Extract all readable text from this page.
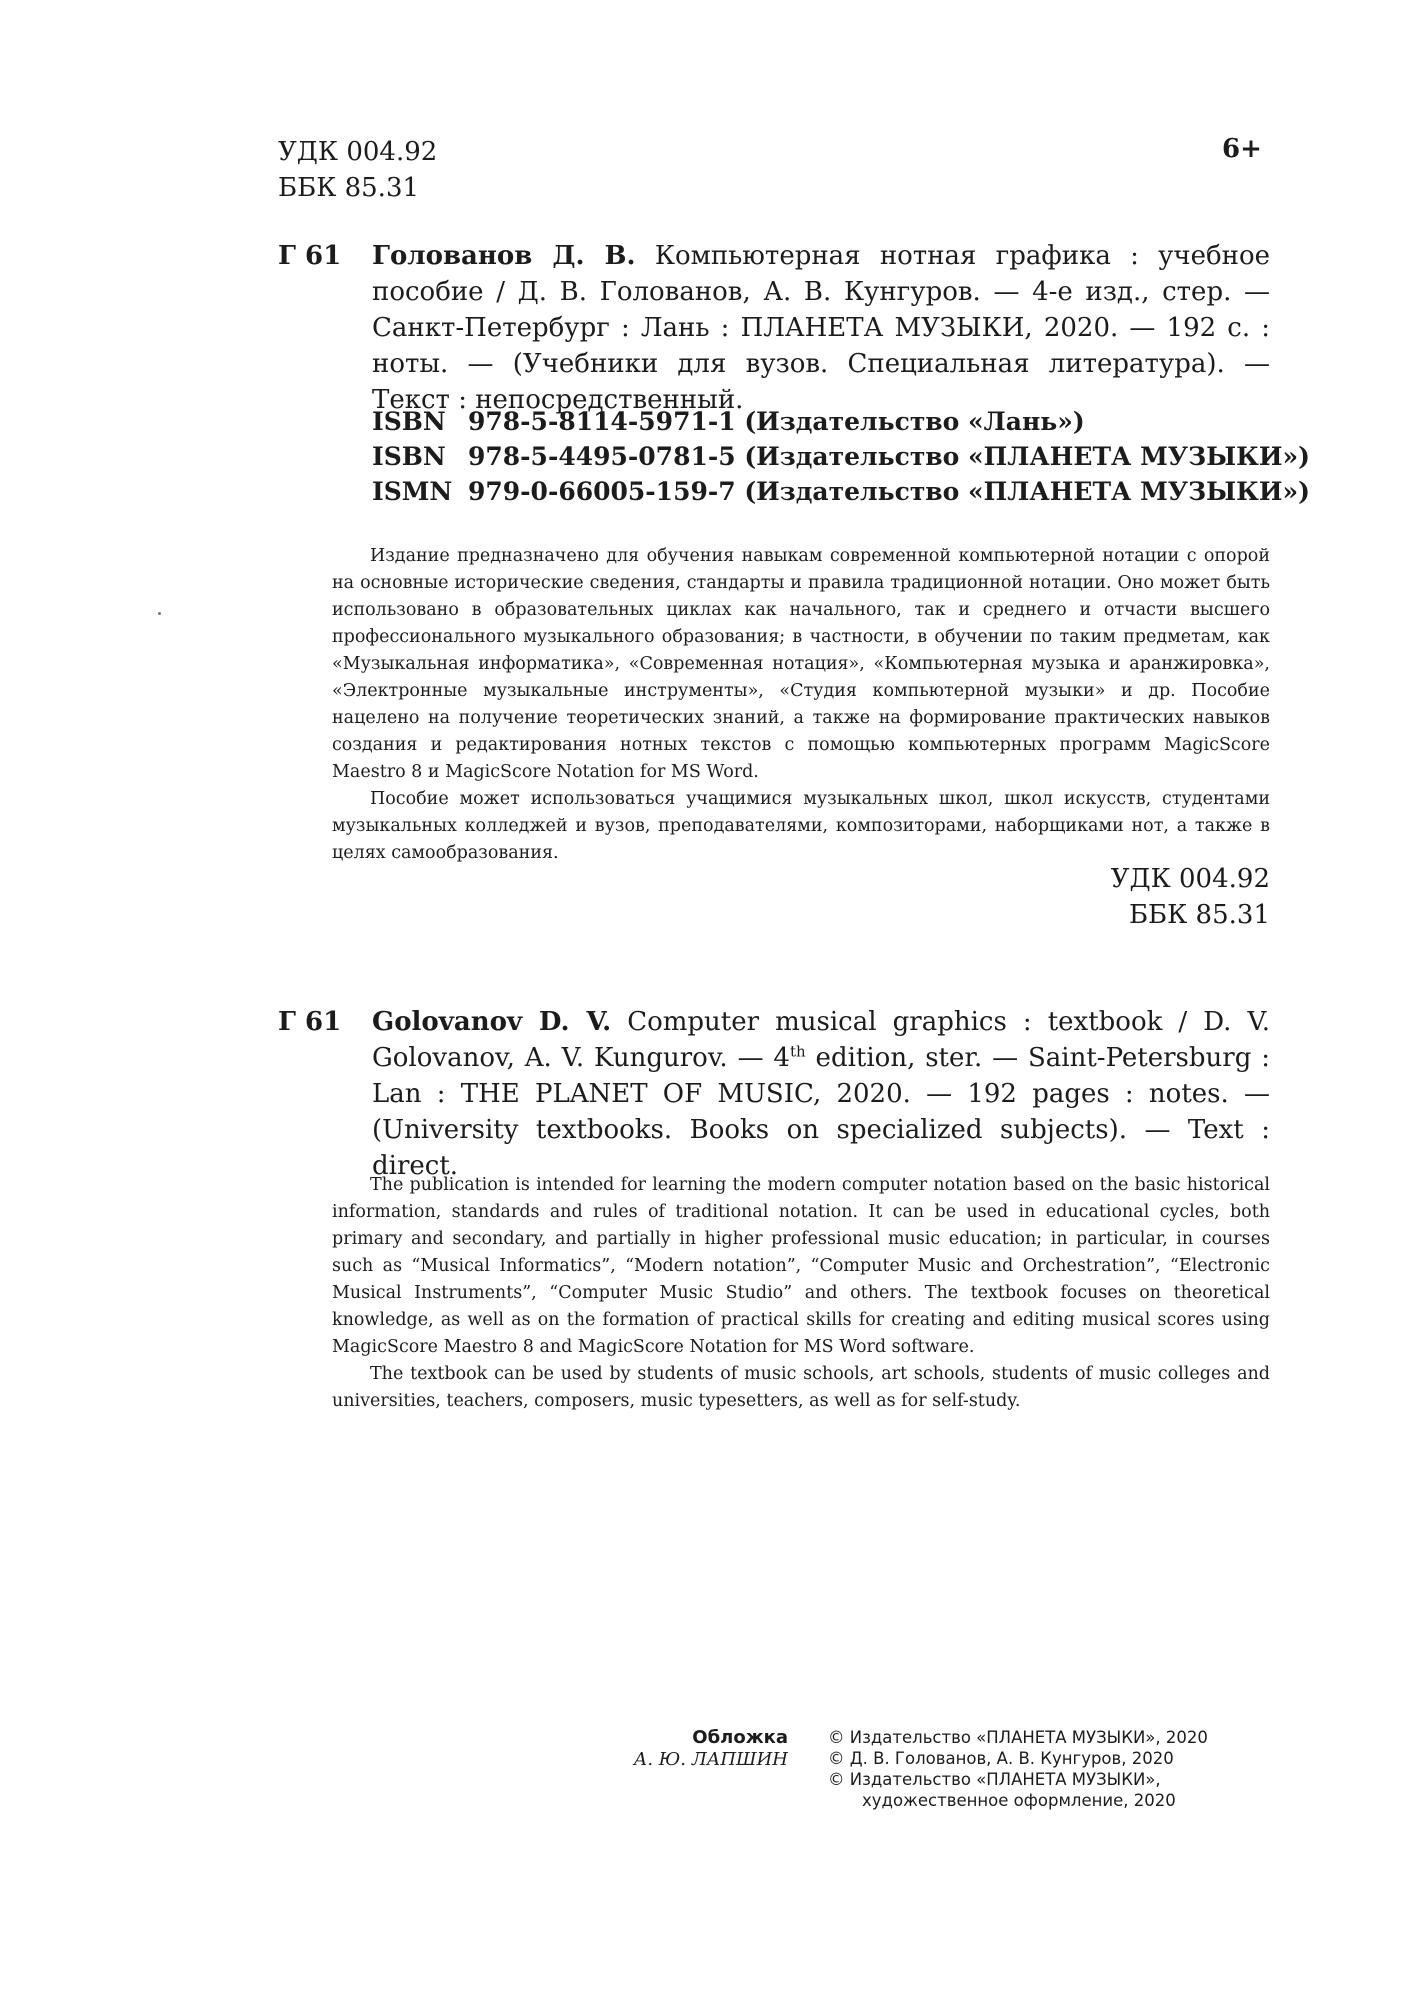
УДК 004.92
ББК 85.31
6+
Г 61 Голованов Д. В. Компьютерная нотная графика : учебное пособие / Д. В. Голованов, А. В. Кунгуров. — 4-е изд., стер. — Санкт-Петербург : Лань : ПЛАНЕТА МУЗЫКИ, 2020. — 192 с. : ноты. — (Учебники для вузов. Специальная литература). — Текст : непосредственный.
ISBN 978-5-8114-5971-1 (Издательство «Лань»)
ISBN 978-5-4495-0781-5 (Издательство «ПЛАНЕТА МУЗЫКИ»)
ISMN 979-0-66005-159-7 (Издательство «ПЛАНЕТА МУЗЫКИ»)

Издание предназначено для обучения навыкам современной компьютерной нотации с опорой на основные исторические сведения, стандарты и правила традиционной нотации. Оно может быть использовано в образовательных циклах как начального, так и среднего и отчасти высшего профессионального музыкального образования; в частности, в обучении по таким предметам, как «Музыкальная информатика», «Современная нотация», «Компьютерная музыка и аранжировка», «Электронные музыкальные инструменты», «Студия компьютерной музыки» и др. Пособие нацелено на получение теоретических знаний, а также на формирование практических навыков создания и редактирования нотных текстов с помощью компьютерных программ MagicScore Maestro 8 и MagicScore Notation for MS Word.

Пособие может использоваться учащимися музыкальных школ, школ искусств, студентами музыкальных колледжей и вузов, преподавателями, композиторами, наборщиками нот, а также в целях самообразования.

УДК 004.92
ББК 85.31
Г 61 Golovanov D. V. Computer musical graphics : textbook / D. V. Golovanov, A. V. Kungurov. — 4th edition, ster. — Saint-Petersburg : Lan : THE PLANET OF MUSIC, 2020. — 192 pages : notes. — (University textbooks. Books on specialized subjects). — Text : direct.

The publication is intended for learning the modern computer notation based on the basic historical information, standards and rules of traditional notation. It can be used in educational cycles, both primary and secondary, and partially in higher professional music education; in particular, in courses such as “Musical Informatics”, “Modern notation”, “Computer Music and Orchestration”, “Electronic Musical Instruments”, “Computer Music Studio” and others. The textbook focuses on theoretical knowledge, as well as on the formation of practical skills for creating and editing musical scores using MagicScore Maestro 8 and MagicScore Notation for MS Word software.

The textbook can be used by students of music schools, art schools, students of music colleges and universities, teachers, composers, music typesetters, as well as for self-study.

Обложка
А. Ю. ЛАПШИН
© Издательство «ПЛАНЕТА МУЗЫКИ», 2020
© Д. В. Голованов, А. В. Кунгуров, 2020
© Издательство «ПЛАНЕТА МУЗЫКИ»,
художественное оформление, 2020
